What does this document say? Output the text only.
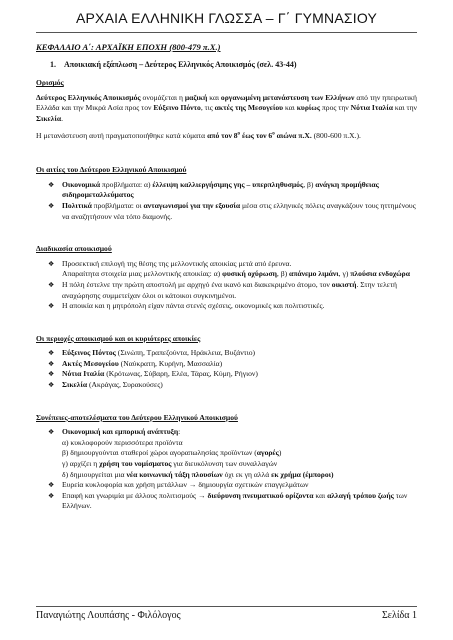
ΑΡΧΑΙΑ ΕΛΛΗΝΙΚΗ ΓΛΩΣΣΑ – Γ΄ ΓΥΜΝΑΣΙΟΥ
ΚΕΦΑΛΑΙΟ Α΄: ΑΡΧΑΪΚΗ ΕΠΟΧΗ (800-479 π.Χ.)
1. Αποικιακή εξάπλωση – Δεύτερος Ελληνικός Αποικισμός (σελ. 43-44)
Ορισμός

Δεύτερος Ελληνικός Αποικισμός ονομάζεται η μαζική και οργανωμένη μετανάστευση των Ελλήνων από την ηπειρωτική Ελλάδα και την Μικρά Ασία προς τον Εύξεινο Πόντο, τις ακτές της Μεσογείου και κυρίως προς την Νότια Ιταλία και την Σικελία.

Η μετανάστευση αυτή πραγματοποιήθηκε κατά κύματα από τον $8^o$ έως τον $6^o$ αιώνα π.Χ. (800-600 π.Χ.).

Οι αιτίες του Δεύτερου Ελληνικού Αποικισμού
❖ Οικονομικά προβλήματα: α) έλλειψη καλλιεργήσιμης γης – υπερπληθυσμός, β) ανάγκη προμήθειας σιδηρομεταλλεύματος
❖ Πολιτικά προβλήματα: οι ανταγωνισμοί για την εξουσία μέσα στις ελληνικές πόλεις αναγκάζουν τους ηττημένους να αναζητήσουν νέα τόπο διαμονής.
Διαδικασία αποικισμού
❖ Προσεκτική επιλογή της θέσης της μελλοντικής αποικίας μετά από έρευνα.
Απαραίτητα στοιχεία μιας μελλοντικής αποικίας: α) φυσική οχύρωση, β) απάνεμο λιμάνι, γ) πλούσια ενδοχώρα
❖ Η πόλη έστελνε την πρώτη αποστολή με αρχηγό ένα ικανό και διακεκριμένο άτομο, τον οικιστή. Στην τελετή αναχώρησης συμμετείχαν όλοι οι κάτοικοι συγκινημένοι.
❖ Η αποικία και η μητρόπολη είχαν πάντα στενές σχέσεις, οικονομικές και πολιτιστικές.
Οι περιοχές αποικισμού και οι κυριότερες αποικίες
❖ Εύξεινος Πόντος (Σινώπη, Τραπεζούντα, Ηράκλεια, Βυζάντιο)
❖ Ακτές Μεσογείου (Ναύκρατη, Κυρήνη, Μασσαλία)
❖ Νότια Ιταλία (Κρότωνας, Σύβαρη, Ελέα, Τάρας, Κύμη, Ρήγιον)
❖ Σικελία (Ακράγας, Συρακούσες)
Συνέπειες-αποτελέσματα του Δεύτερου Ελληνικού Αποικισμού
❖ Οικονομική και εμπορική ανάπτυξη:
α) κυκλοφορούν περισσότερα προϊόντα
β) δημιουργούνται σταθεροί χώροι αγοραπωλησίας προϊόντων (αγορές)
γ) αρχίζει η χρήση του νομίσματος για διευκόλυνση των συναλλαγών
δ) δημιουργείται μια νέα κοινωνική τάξη πλουσίων όχι εκ γη αλλά εκ χρήμα (έμποροι)
❖ Ευρεία κυκλοφορία και χρήση μετάλλων → δημιουργία σχετικών επαγγελμάτων
❖ Επαφή και γνωριμία με άλλους πολιτισμούς → διεύρυνση πνευματικού ορίζοντα και αλλαγή τρόπου ζωής των Ελλήνων.
Παναγιώτης Λουπάσης - Φιλόλογος	Σελίδα 1
